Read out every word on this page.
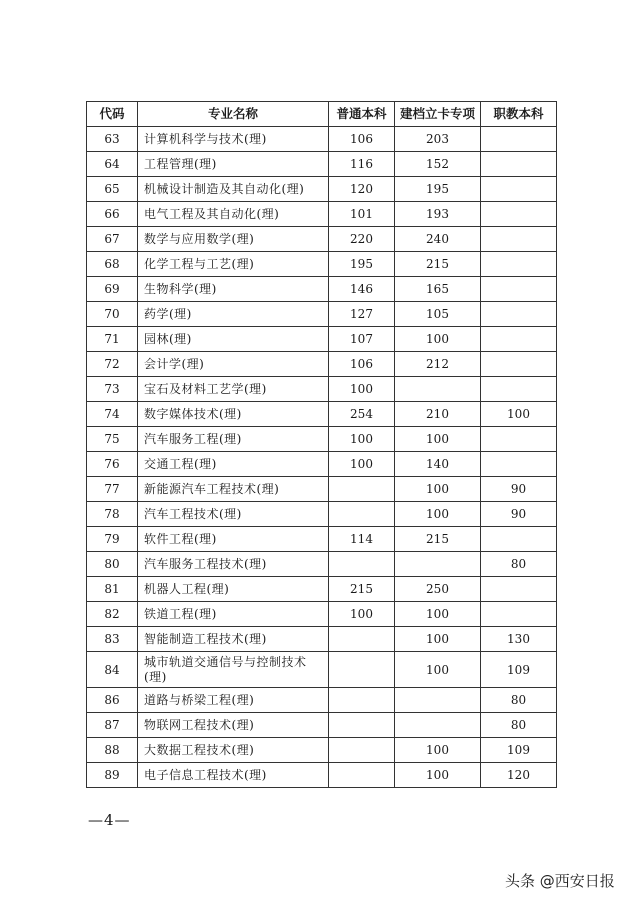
代码	专业名称	普通本科	建档立卡专项	职教本科
63	计算机科学与技术(理)	106	203	
64	工程管理(理)	116	152	
65	机械设计制造及其自动化(理)	120	195	
66	电气工程及其自动化(理)	101	193	
67	数学与应用数学(理)	220	240	
68	化学工程与工艺(理)	195	215	
69	生物科学(理)	146	165	
70	药学(理)	127	105	
71	园林(理)	107	100	
72	会计学(理)	106	212	
73	宝石及材料工艺学(理)	100		
74	数字媒体技术(理)	254	210	100
75	汽车服务工程(理)	100	100	
76	交通工程(理)	100	140	
77	新能源汽车工程技术(理)		100	90
78	汽车工程技术(理)		100	90
79	软件工程(理)	114	215	
80	汽车服务工程技术(理)			80
81	机器人工程(理)	215	250	
82	铁道工程(理)	100	100	
83	智能制造工程技术(理)		100	130
84	城市轨道交通信号与控制技术(理)		100	109
86	道路与桥梁工程(理)			80
87	物联网工程技术(理)			80
88	大数据工程技术(理)		100	109
89	电子信息工程技术(理)		100	120
—4—
头条 @西安日报
